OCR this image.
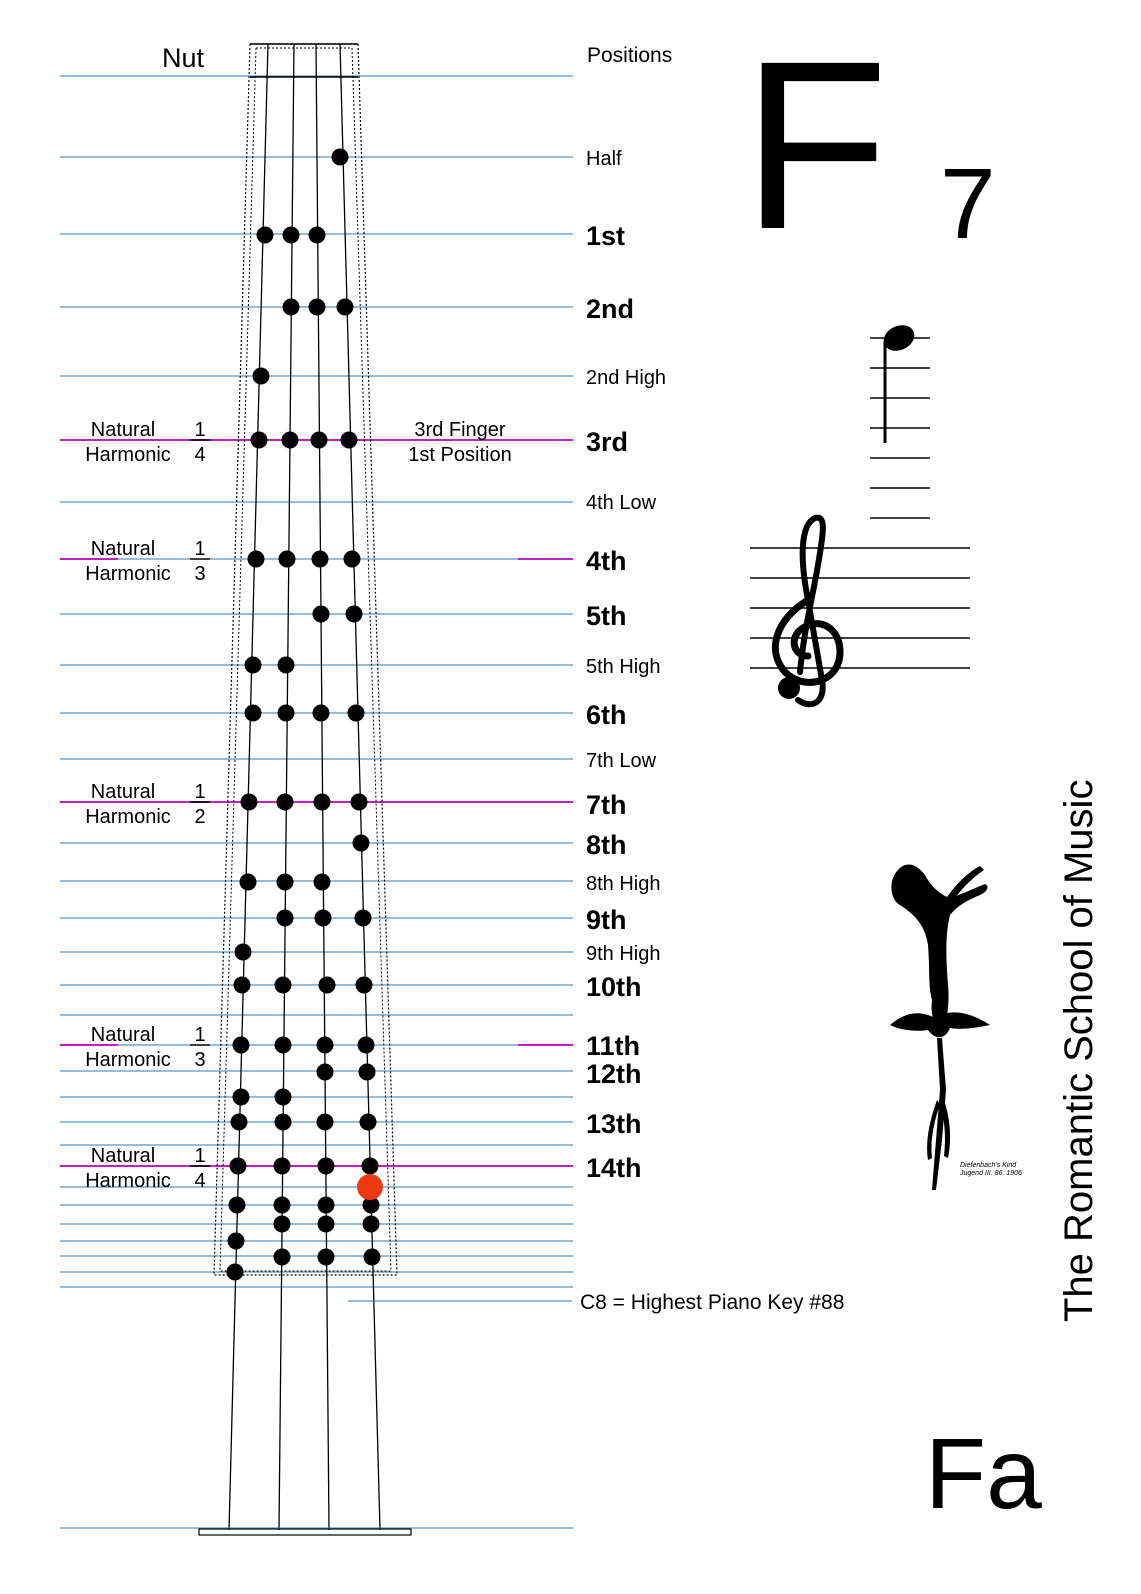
Nut	Positions
Half
1st
2nd
2nd High
3rd
4th Low
4th
5th
5th High
6th
7th Low
7th
8th
8th High
9th
9th High
10th
11th
12th
13th
14th
Natural
Harmonic
1
4
Natural
Harmonic
1
3
Natural
Harmonic
1
2
Natural
Harmonic
1
3
Natural
Harmonic
1
4
3rd Finger
1st Position
C8 = Highest Piano Key #88
F 7
Diefenbach's Kind
Jugend III. 86. 1906 The Romantic School of Music
Fa
